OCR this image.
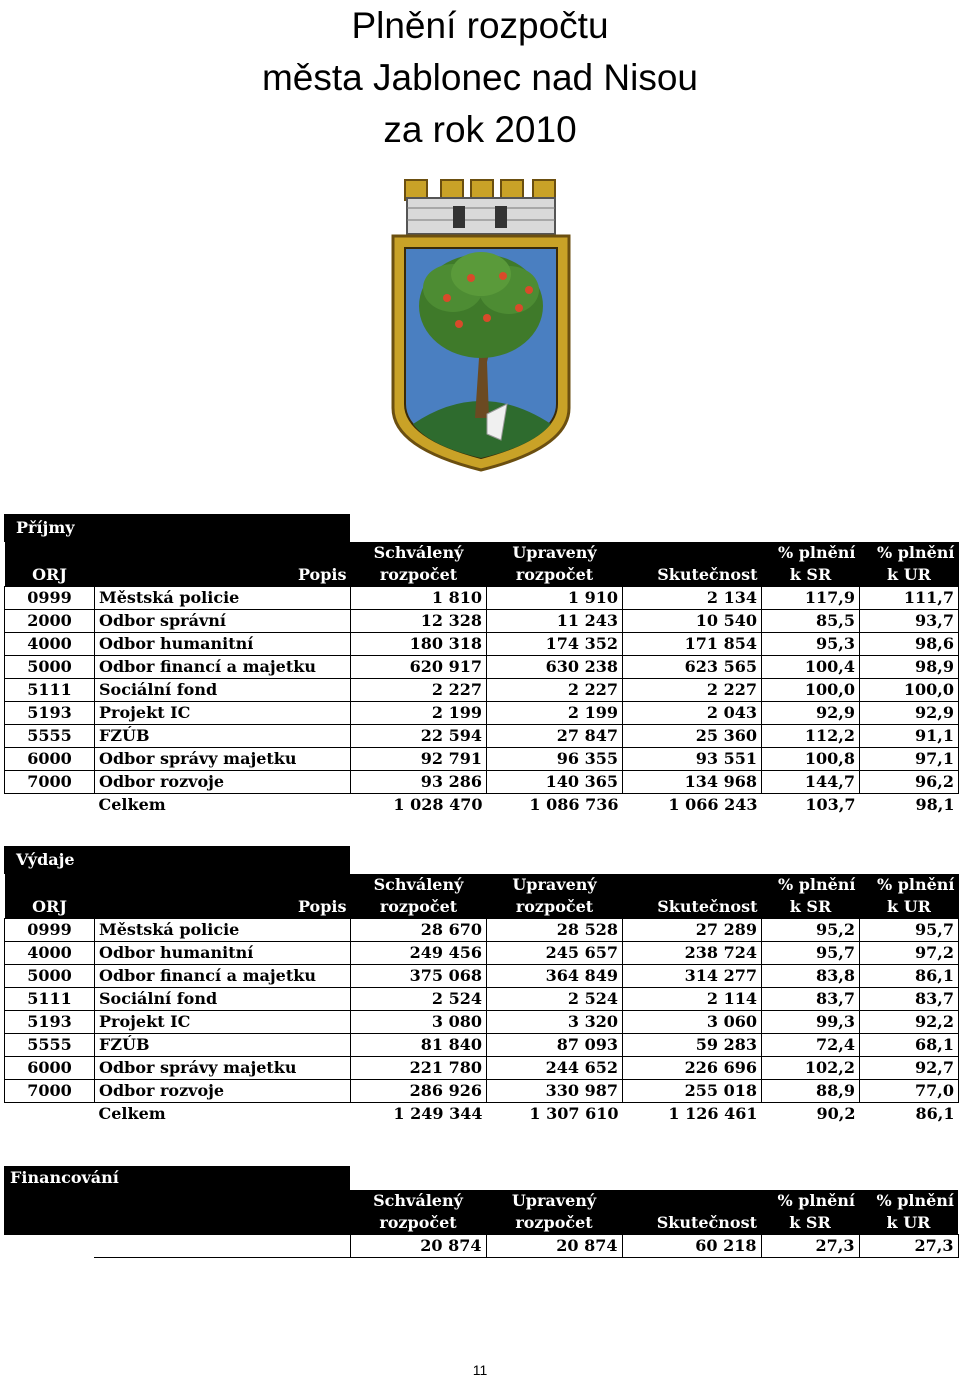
Plnění rozpočtu
města Jablonec nad Nisou
za rok 2010
Příjmy
		Schválený	Upravený		% plnění	% plnění
ORJ	Popis	rozpočet	rozpočet	Skutečnost	k SR	k UR
0999	Městská policie	1 810	1 910	2 134	117,9	111,7
2000	Odbor správní	12 328	11 243	10 540	85,5	93,7
4000	Odbor humanitní	180 318	174 352	171 854	95,3	98,6
5000	Odbor financí a majetku	620 917	630 238	623 565	100,4	98,9
5111	Sociální fond	2 227	2 227	2 227	100,0	100,0
5193	Projekt IC	2 199	2 199	2 043	92,9	92,9
5555	FZÚB	22 594	27 847	25 360	112,2	91,1
6000	Odbor správy majetku	92 791	96 355	93 551	100,8	97,1
7000	Odbor rozvoje	93 286	140 365	134 968	144,7	96,2
	Celkem	1 028 470	1 086 736	1 066 243	103,7	98,1
Výdaje
		Schválený	Upravený		% plnění	% plnění
ORJ	Popis	rozpočet	rozpočet	Skutečnost	k SR	k UR
0999	Městská policie	28 670	28 528	27 289	95,2	95,7
4000	Odbor humanitní	249 456	245 657	238 724	95,7	97,2
5000	Odbor financí a majetku	375 068	364 849	314 277	83,8	86,1
5111	Sociální fond	2 524	2 524	2 114	83,7	83,7
5193	Projekt IC	3 080	3 320	3 060	99,3	92,2
5555	FZÚB	81 840	87 093	59 283	72,4	68,1
6000	Odbor správy majetku	221 780	244 652	226 696	102,2	92,7
7000	Odbor rozvoje	286 926	330 987	255 018	88,9	77,0
	Celkem	1 249 344	1 307 610	1 126 461	90,2	86,1
Financování
		Schválený	Upravený		% plnění	% plnění
		rozpočet	rozpočet	Skutečnost	k SR	k UR
		20 874	20 874	60 218	27,3	27,3
11
